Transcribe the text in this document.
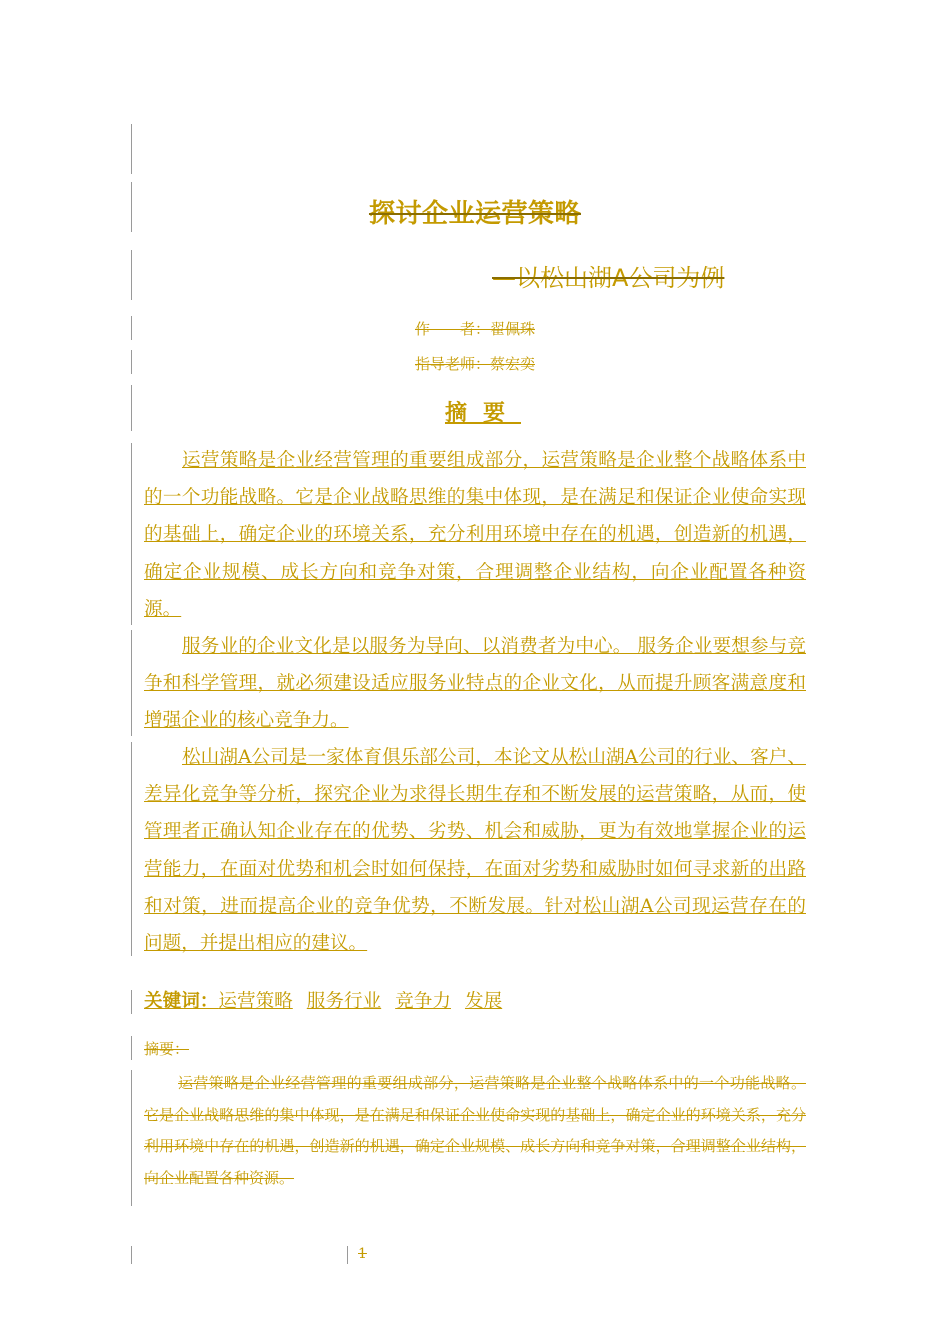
探讨企业运营策略
—以松山湖A公司为例
作　　者：翟佩珠
指导老师：蔡宏奕
摘要

运营策略是企业经营管理的重要组成部分，运营策略是企业整个战略体系中的一个功能战略。它是企业战略思维的集中体现，是在满足和保证企业使命实现的基础上，确定企业的环境关系，充分利用环境中存在的机遇，创造新的机遇，确定企业规模、成长方向和竞争对策，合理调整企业结构，向企业配置各种资源。

服务业的企业文化是以服务为导向、以消费者为中心。 服务企业要想参与竞争和科学管理，就必须建设适应服务业特点的企业文化，从而提升顾客满意度和增强企业的核心竞争力。

松山湖A公司是一家体育俱乐部公司，本论文从松山湖A公司的行业、客户、差异化竞争等分析，探究企业为求得长期生存和不断发展的运营策略，从而，使管理者正确认知企业存在的优势、劣势、机会和威胁，更为有效地掌握企业的运营能力，在面对优势和机会时如何保持，在面对劣势和威胁时如何寻求新的出路和对策，进而提高企业的竞争优势，不断发展。针对松山湖A公司现运营存在的问题，并提出相应的建议。

关键词：运营策略 服务行业 竞争力 发展
摘要：

运营策略是企业经营管理的重要组成部分，运营策略是企业整个战略体系中的一个功能战略。它是企业战略思维的集中体现，是在满足和保证企业使命实现的基础上，确定企业的环境关系，充分利用环境中存在的机遇，创造新的机遇，确定企业规模、成长方向和竞争对策，合理调整企业结构，向企业配置各种资源。

1
